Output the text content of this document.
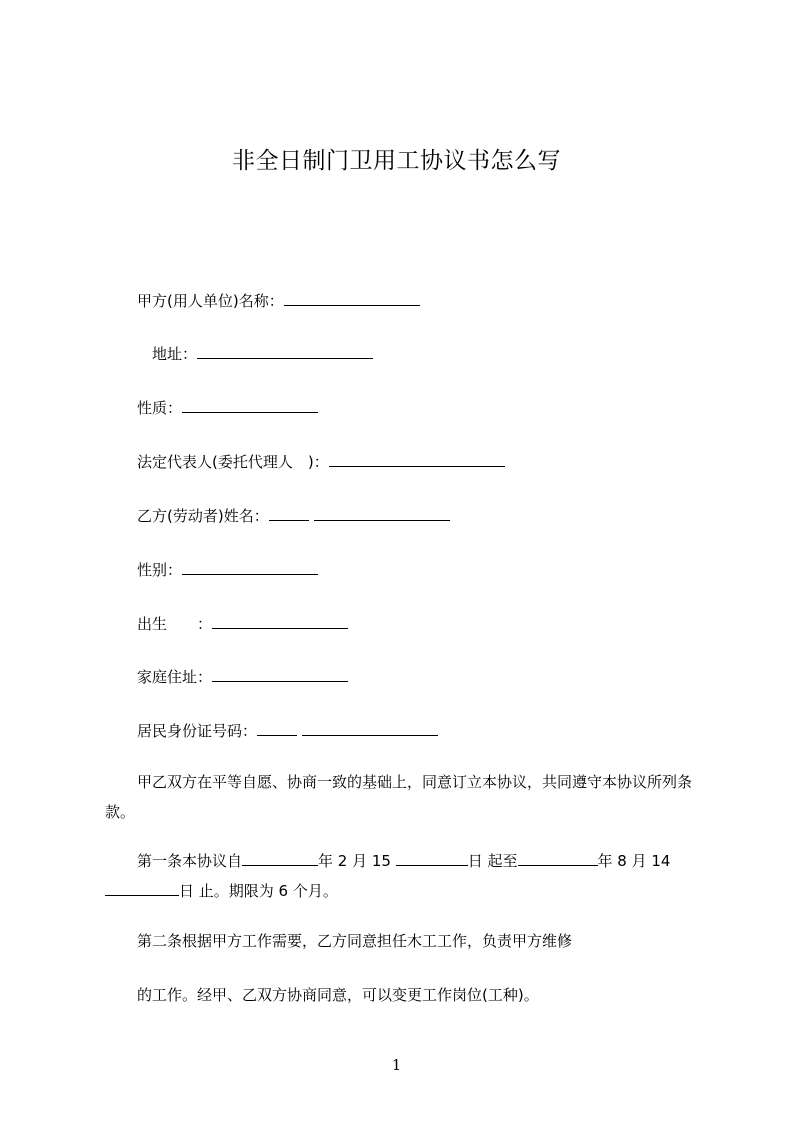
非全日制门卫用工协议书怎么写
甲方(用人单位)名称：
地址：
性质：
法定代表人(委托代理人　)：
乙方(劳动者)姓名：
性别：
出生　　：
家庭住址：
居民身份证号码：
甲乙双方在平等自愿、协商一致的基础上，同意订立本协议，共同遵守本协议所列条款。
第一条本协议自	年 2 月 15	日 起至	年 8 月 14 日 止。期限为 6 个月。
第二条根据甲方工作需要，乙方同意担任木工工作，负责甲方维修
的工作。经甲、乙双方协商同意，可以变更工作岗位(工种)。
1
